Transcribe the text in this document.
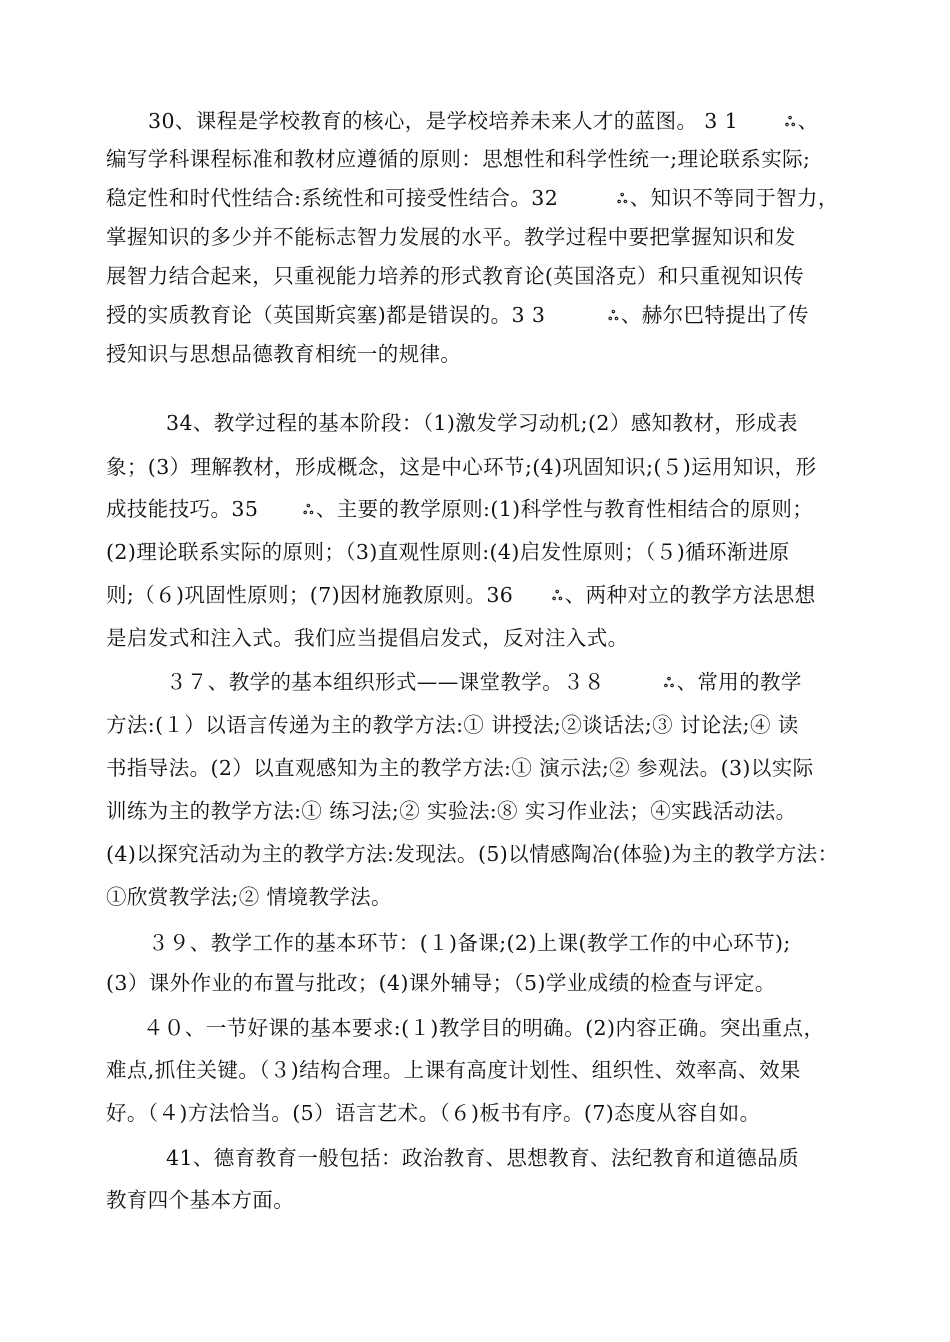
30、课程是学校教育的核心，是学校培养未来人才的蓝图。 3 1	ஃ、
编写学科课程标准和教材应遵循的原则：思想性和科学性统一;理论联系实际;
稳定性和时代性结合:系统性和可接受性结合。32	ஃ、知识不等同于智力，
掌握知识的多少并不能标志智力发展的水平。教学过程中要把掌握知识和发
展智力结合起来，只重视能力培养的形式教育论(英国洛克）和只重视知识传
授的实质教育论（英国斯宾塞)都是错误的。3 3	ஃ、赫尔巴特提出了传
授知识与思想品德教育相统一的规律。
34、教学过程的基本阶段：（1)激发学习动机;(2）感知教材，形成表
象；(3）理解教材，形成概念，这是中心环节;(4)巩固知识;(５)运用知识，形
成技能技巧。35	ஃ、主要的教学原则:(1)科学性与教育性相结合的原则；
(2)理论联系实际的原则；（3)直观性原则:(4)启发性原则；（５)循环渐进原
则;（６)巩固性原则；(7)因材施教原则。36	ஃ、两种对立的教学方法思想
是启发式和注入式。我们应当提倡启发式，反对注入式。
３７、教学的基本组织形式——课堂教学。３８	ஃ、常用的教学
方法:(１）以语言传递为主的教学方法:① 讲授法;②谈话法;③ 讨论法;④ 读
书指导法。(2）以直观感知为主的教学方法:① 演示法;② 参观法。(3)以实际
训练为主的教学方法:① 练习法;② 实验法:⑧ 实习作业法；④实践活动法。
(4)以探究活动为主的教学方法:发现法。(5)以情感陶冶(体验)为主的教学方法：
①欣赏教学法;② 情境教学法。
３９、教学工作的基本环节：(１)备课;(2)上课(教学工作的中心环节);
(3）课外作业的布置与批改；(4)课外辅导；（5)学业成绩的检查与评定。
４０、一节好课的基本要求:(１)教学目的明确。(2)内容正确。突出重点，
难点,抓住关键。（３)结构合理。上课有高度计划性、组织性、效率高、效果
好。（４)方法恰当。(5）语言艺术。（６)板书有序。(7)态度从容自如。
41、德育教育一般包括：政治教育、思想教育、法纪教育和道德品质
教育四个基本方面。
